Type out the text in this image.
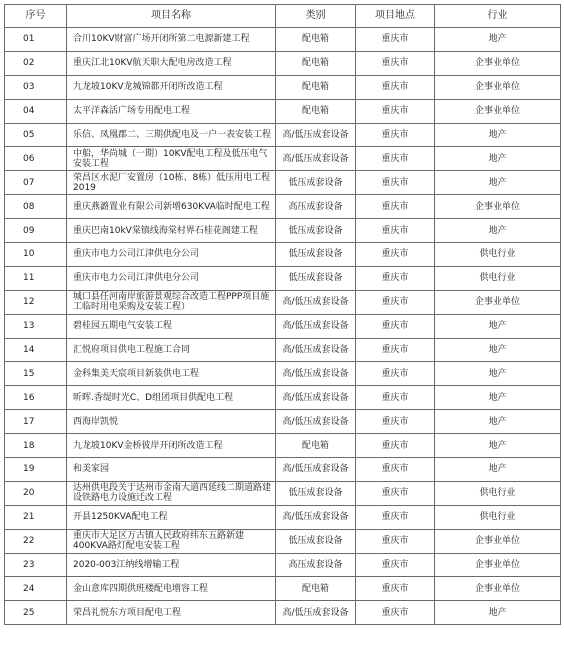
序号	项目名称	类别	项目地点	行业
01	合川10KV财富广场开闭所第二电源新建工程	配电箱	重庆市	地产
02	重庆江北10KV航天职大配电房改造工程	配电箱	重庆市	企事业单位
03	九龙坡10KV龙城锦都开闭所改造工程	配电箱	重庆市	企事业单位
04	太平洋森活广场专用配电工程	配电箱	重庆市	企事业单位
05	乐信、凤凰郡二、三期供配电及一户一表安装工程	高/低压成套设备	重庆市	地产
06	中船，华尚城（一期）10KV配电工程及低压电气安装工程	高/低压成套设备	重庆市	地产
07	荣昌区水泥厂安置房（10栋、8栋）低压用电工程2019	低压成套设备	重庆市	地产
08	重庆燕潞置业有限公司新增630KVA临时配电工程	高压成套设备	重庆市	企事业单位
09	重庆巴南10kV棠镇线海棠村界石桂花阁建工程	低压成套设备	重庆市	地产
10	重庆市电力公司江津供电分公司	低压成套设备	重庆市	供电行业
11	重庆市电力公司江津供电分公司	低压成套设备	重庆市	供电行业
12	城口县任河南岸旅游景观综合改造工程PPP项目施工临时用电采购及安装工程）	高/低压成套设备	重庆市	企事业单位
13	碧桂园五期电气安装工程	高/低压成套设备	重庆市	地产
14	汇悦府项目供电工程施工合同	高/低压成套设备	重庆市	地产
15	金科集美天宸项目新装供电工程	高/低压成套设备	重庆市	地产
16	昕晖.香缇时光C、D组团项目供配电工程	高/低压成套设备	重庆市	地产
17	西海岸凯悦	高/低压成套设备	重庆市	地产
18	九龙坡10KV金桥彼岸开闭所改造工程	配电箱	重庆市	地产
19	和美家园	高/低压成套设备	重庆市	地产
20	达州供电段关于达州市金南大道西延线二期道路建设铁路电力设施迁改工程	低压成套设备	重庆市	供电行业
21	开县1250KVA配电工程	高/低压成套设备	重庆市	供电行业
22	重庆市大足区万古镇人民政府纬东五路新建400KVA路灯配电安装工程	低压成套设备	重庆市	企事业单位
23	2020-003江纳线增输工程	高压成套设备	重庆市	企事业单位
24	金山意库四期供班楼配电增容工程	配电箱	重庆市	企事业单位
25	荣昌礼悦东方项目配电工程	高/低压成套设备	重庆市	地产
